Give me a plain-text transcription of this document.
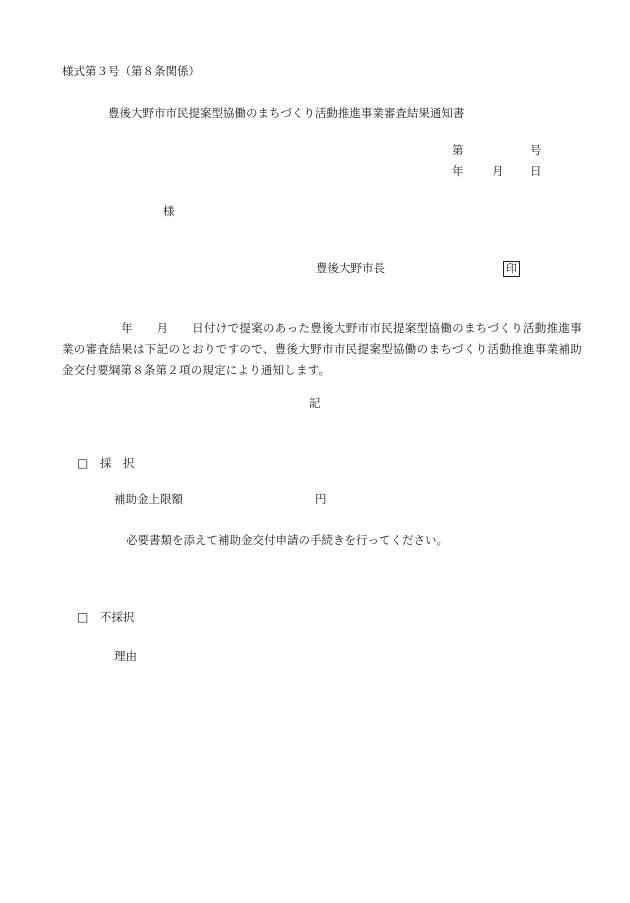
様式第３号（第８条関係）
豊後大野市市民提案型協働のまちづくり活動推進事業審査結果通知書
第	号
年 月 日
様
豊後大野市長	印
　　　　　年　　月　　日付けで提案のあった豊後大野市市民提案型協働のまちづくり活動推進事業の審査結果は下記のとおりですので、豊後大野市市民提案型協働のまちづくり活動推進事業補助金交付要綱第８条第２項の規定により通知します。
記
□ 採　択
補助金上限額	円
必要書類を添えて補助金交付申請の手続きを行ってください。
□ 不採択
理由
